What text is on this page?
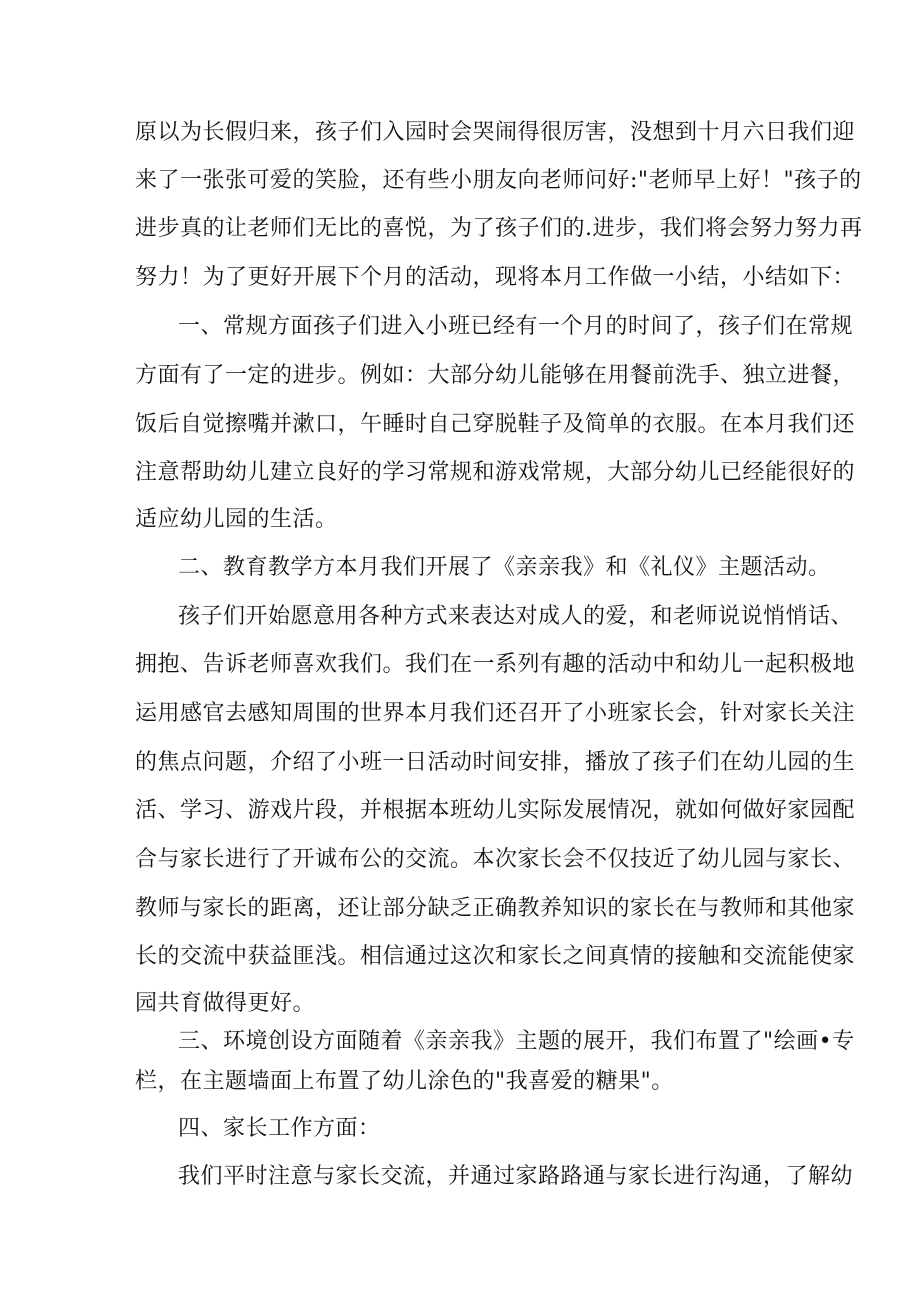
原以为长假归来，孩子们入园时会哭闹得很厉害，没想到十月六日我们迎
来了一张张可爱的笑脸，还有些小朋友向老师问好:"老师早上好！"孩子的
进步真的让老师们无比的喜悦，为了孩子们的.进步，我们将会努力努力再
努力！为了更好开展下个月的活动，现将本月工作做一小结，小结如下：
一、常规方面孩子们进入小班已经有一个月的时间了，孩子们在常规
方面有了一定的进步。例如：大部分幼儿能够在用餐前洗手、独立进餐，
饭后自觉擦嘴并漱口，午睡时自己穿脱鞋子及简单的衣服。在本月我们还
注意帮助幼儿建立良好的学习常规和游戏常规，大部分幼儿已经能很好的
适应幼儿园的生活。
二、教育教学方本月我们开展了《亲亲我》和《礼仪》主题活动。
孩子们开始愿意用各种方式来表达对成人的爱，和老师说说悄悄话、
拥抱、告诉老师喜欢我们。我们在一系列有趣的活动中和幼儿一起积极地
运用感官去感知周围的世界本月我们还召开了小班家长会，针对家长关注
的焦点问题，介绍了小班一日活动时间安排，播放了孩子们在幼儿园的生
活、学习、游戏片段，并根据本班幼儿实际发展情况，就如何做好家园配
合与家长进行了开诚布公的交流。本次家长会不仅技近了幼儿园与家长、
教师与家长的距离，还让部分缺乏正确教养知识的家长在与教师和其他家
长的交流中获益匪浅。相信通过这次和家长之间真情的接触和交流能使家
园共育做得更好。
三、环境创设方面随着《亲亲我》主题的展开，我们布置了"绘画•专
栏，在主题墙面上布置了幼儿涂色的"我喜爱的糖果"。
四、家长工作方面：
我们平时注意与家长交流，并通过家路路通与家长进行沟通，了解幼
